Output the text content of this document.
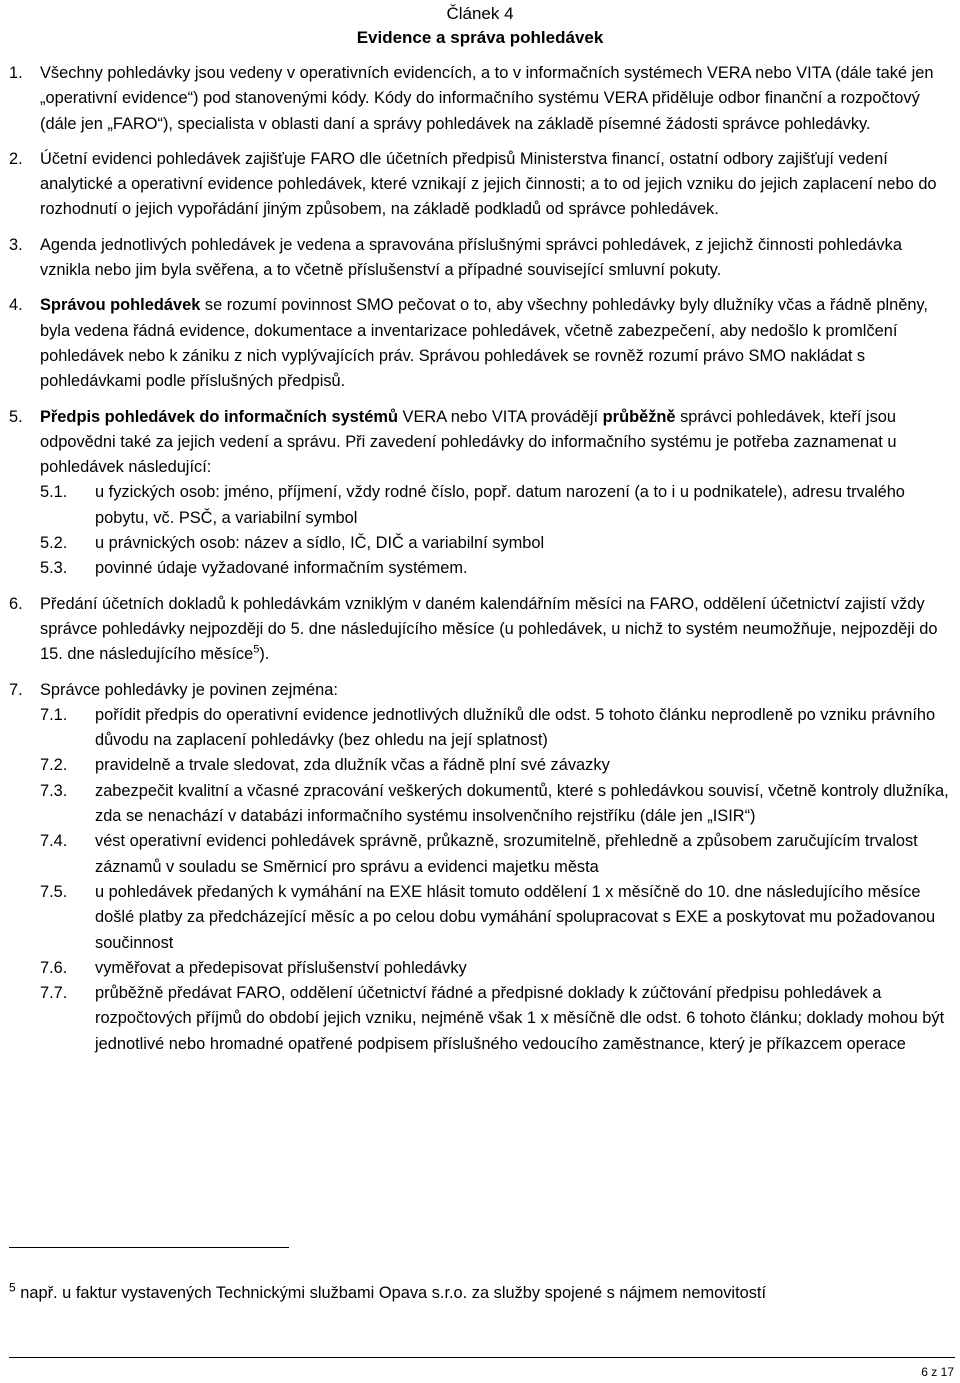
Článek 4
Evidence a správa pohledávek
1.	Všechny pohledávky jsou vedeny v operativních evidencích, a to v informačních systémech VERA nebo VITA (dále také jen „operativní evidence“) pod stanovenými kódy. Kódy do informačního systému VERA přiděluje odbor finanční a rozpočtový (dále jen „FARO“), specialista v oblasti daní a správy pohledávek na základě písemné žádosti správce pohledávky.
2.	Účetní evidenci pohledávek zajišťuje FARO dle účetních předpisů Ministerstva financí, ostatní odbory zajišťují vedení analytické a operativní evidence pohledávek, které vznikají z jejich činnosti; a to od jejich vzniku do jejich zaplacení nebo do rozhodnutí o jejich vypořádání jiným způsobem, na základě podkladů od správce pohledávek.
3.	Agenda jednotlivých pohledávek je vedena a spravována příslušnými správci pohledávek, z jejichž činnosti pohledávka vznikla nebo jim byla svěřena, a to včetně příslušenství a případné související smluvní pokuty.
4.	Správou pohledávek se rozumí povinnost SMO pečovat o to, aby všechny pohledávky byly dlužníky včas a řádně plněny, byla vedena řádná evidence, dokumentace a inventarizace pohledávek, včetně zabezpečení, aby nedošlo k promlčení pohledávek nebo k zániku z nich vyplývajících práv. Správou pohledávek se rovněž rozumí právo SMO nakládat s pohledávkami podle příslušných předpisů.
5.	Předpis pohledávek do informačních systémů VERA nebo VITA provádějí průběžně správci pohledávek, kteří jsou odpovědni také za jejich vedení a správu. Při zavedení pohledávky do informačního systému je potřeba zaznamenat u pohledávek následující:
5.1.	u fyzických osob: jméno, příjmení, vždy rodné číslo, popř. datum narození (a to i u podnikatele), adresu trvalého pobytu, vč. PSČ, a variabilní symbol
5.2.	u právnických osob: název a sídlo, IČ, DIČ a variabilní symbol
5.3.	povinné údaje vyžadované informačním systémem.
6.	Předání účetních dokladů k pohledávkám vzniklým v daném kalendářním měsíci na FARO, oddělení účetnictví zajistí vždy správce pohledávky nejpozději do 5. dne následujícího měsíce (u pohledávek, u nichž to systém neumožňuje, nejpozději do 15. dne následujícího měsíce$^5$).
7.	Správce pohledávky je povinen zejména:
7.1.	pořídit předpis do operativní evidence jednotlivých dlužníků dle odst. 5 tohoto článku neprodleně po vzniku právního důvodu na zaplacení pohledávky (bez ohledu na její splatnost)
7.2.	pravidelně a trvale sledovat, zda dlužník včas a řádně plní své závazky
7.3.	zabezpečit kvalitní a včasné zpracování veškerých dokumentů, které s pohledávkou souvisí, včetně kontroly dlužníka, zda se nenachází v databázi informačního systému insolvenčního rejstříku (dále jen „ISIR“)
7.4.	vést operativní evidenci pohledávek správně, průkazně, srozumitelně, přehledně a způsobem zaručujícím trvalost záznamů v souladu se Směrnicí pro správu a evidenci majetku města
7.5.	u pohledávek předaných k vymáhání na EXE hlásit tomuto oddělení 1 x měsíčně do 10. dne následujícího měsíce došlé platby za předcházející měsíc a po celou dobu vymáhání spolupracovat s EXE a poskytovat mu požadovanou součinnost
7.6.	vyměřovat a předepisovat příslušenství pohledávky
7.7.	průběžně předávat FARO, oddělení účetnictví řádné a předpisné doklady k zúčtování předpisu pohledávek a rozpočtových příjmů do období jejich vzniku, nejméně však 1 x měsíčně dle odst. 6 tohoto článku; doklady mohou být jednotlivé nebo hromadné opatřené podpisem příslušného vedoucího zaměstnance, který je příkazcem operace
$^5$ např. u faktur vystavených Technickými službami Opava s.r.o. za služby spojené s nájmem nemovitostí
6 z 17
